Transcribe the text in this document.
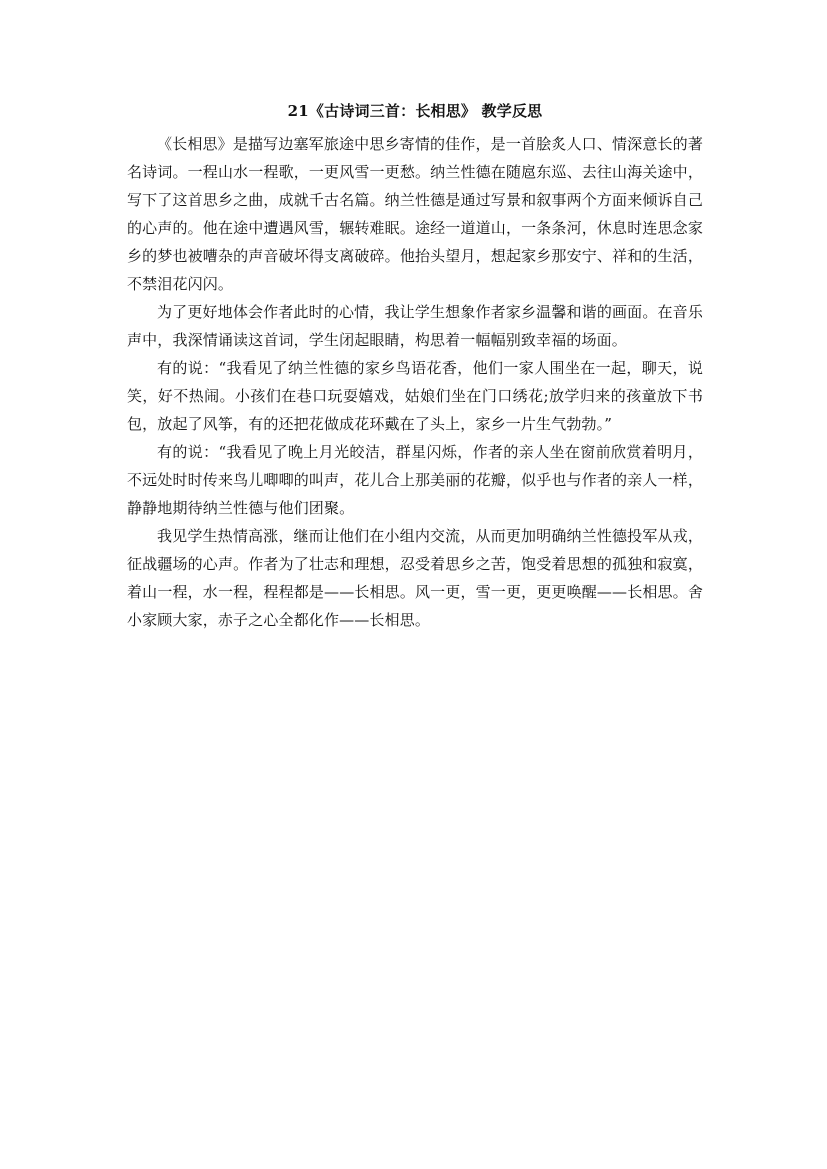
21《古诗词三首：长相思》 教学反思

《长相思》是描写边塞军旅途中思乡寄情的佳作，是一首脍炙人口、情深意长的著名诗词。一程山水一程歌，一更风雪一更愁。纳兰性德在随扈东巡、去往山海关途中，写下了这首思乡之曲，成就千古名篇。纳兰性德是通过写景和叙事两个方面来倾诉自己的心声的。他在途中遭遇风雪，辗转难眠。途经一道道山，一条条河，休息时连思念家乡的梦也被嘈杂的声音破坏得支离破碎。他抬头望月，想起家乡那安宁、祥和的生活，不禁泪花闪闪。

为了更好地体会作者此时的心情，我让学生想象作者家乡温馨和谐的画面。在音乐声中，我深情诵读这首词，学生闭起眼睛，构思着一幅幅别致幸福的场面。

有的说：“我看见了纳兰性德的家乡鸟语花香，他们一家人围坐在一起，聊天，说笑，好不热闹。小孩们在巷口玩耍嬉戏，姑娘们坐在门口绣花;放学归来的孩童放下书包，放起了风筝，有的还把花做成花环戴在了头上，家乡一片生气勃勃。”

有的说：“我看见了晚上月光皎洁，群星闪烁，作者的亲人坐在窗前欣赏着明月，不远处时时传来鸟儿唧唧的叫声，花儿合上那美丽的花瓣，似乎也与作者的亲人一样，静静地期待纳兰性德与他们团聚。

我见学生热情高涨，继而让他们在小组内交流，从而更加明确纳兰性德投军从戎，征战疆场的心声。作者为了壮志和理想，忍受着思乡之苦，饱受着思想的孤独和寂寞，着山一程，水一程，程程都是——长相思。风一更，雪一更，更更唤醒——长相思。舍小家顾大家，赤子之心全都化作——长相思。
